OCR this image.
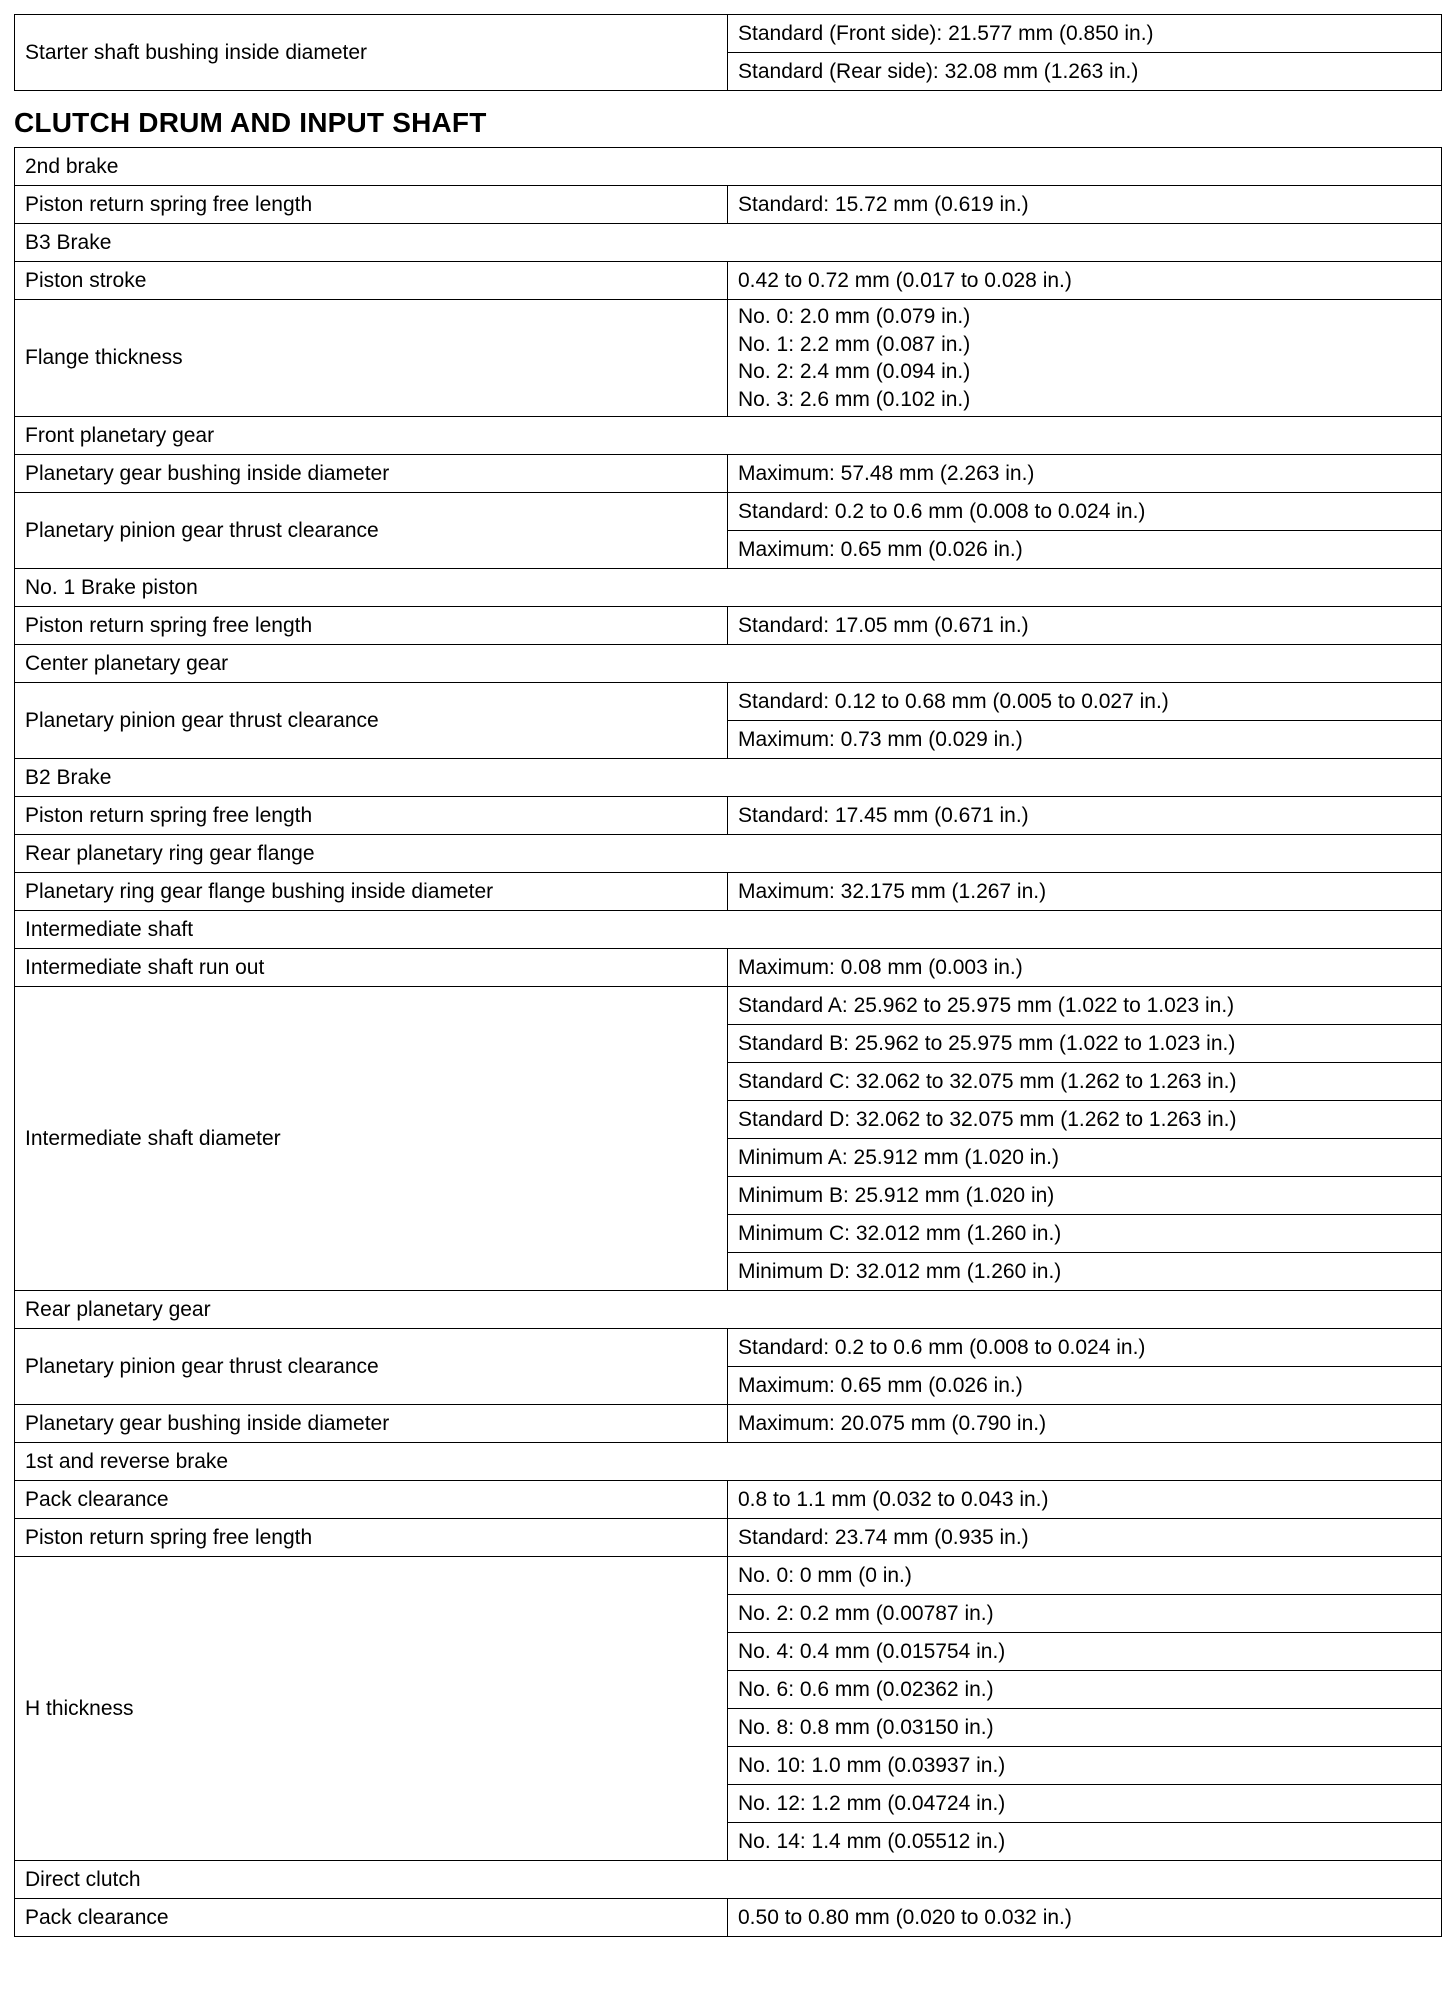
Starter shaft bushing inside diameter	Standard (Front side): 21.577 mm (0.850 in.)
Standard (Rear side): 32.08 mm (1.263 in.)
CLUTCH DRUM AND INPUT SHAFT
2nd brake	
Piston return spring free length	Standard: 15.72 mm (0.619 in.)
B3 Brake	
Piston stroke	0.42 to 0.72 mm (0.017 to 0.028 in.)
Flange thickness	No. 0: 2.0 mm (0.079 in.)
No. 1: 2.2 mm (0.087 in.)
No. 2: 2.4 mm (0.094 in.)
No. 3: 2.6 mm (0.102 in.)

Front planetary gear	
Planetary gear bushing inside diameter	Maximum: 57.48 mm (2.263 in.)
Planetary pinion gear thrust clearance	Standard: 0.2 to 0.6 mm (0.008 to 0.024 in.)
	Maximum: 0.65 mm (0.026 in.)
No. 1 Brake piston	
Piston return spring free length	Standard: 17.05 mm (0.671 in.)
Center planetary gear	
Planetary pinion gear thrust clearance	Standard: 0.12 to 0.68 mm (0.005 to 0.027 in.)
	Maximum: 0.73 mm (0.029 in.)
B2 Brake	
Piston return spring free length	Standard: 17.45 mm (0.671 in.)
Rear planetary ring gear flange	
Planetary ring gear flange bushing inside diameter	Maximum: 32.175 mm (1.267 in.)
Intermediate shaft	
Intermediate shaft run out	Maximum: 0.08 mm (0.003 in.)
Intermediate shaft diameter	Standard A: 25.962 to 25.975 mm (1.022 to 1.023 in.)
	Standard B: 25.962 to 25.975 mm (1.022 to 1.023 in.)
	Standard C: 32.062 to 32.075 mm (1.262 to 1.263 in.)
	Standard D: 32.062 to 32.075 mm (1.262 to 1.263 in.)
	Minimum A: 25.912 mm (1.020 in.)
	Minimum B: 25.912 mm (1.020 in)
	Minimum C: 32.012 mm (1.260 in.)
	Minimum D: 32.012 mm (1.260 in.)
Rear planetary gear	
Planetary pinion gear thrust clearance	Standard: 0.2 to 0.6 mm (0.008 to 0.024 in.)
	Maximum: 0.65 mm (0.026 in.)
Planetary gear bushing inside diameter	Maximum: 20.075 mm (0.790 in.)
1st and reverse brake	
Pack clearance	0.8 to 1.1 mm (0.032 to 0.043 in.)
Piston return spring free length	Standard: 23.74 mm (0.935 in.)
H thickness	No. 0: 0 mm (0 in.)
	No. 2: 0.2 mm (0.00787 in.)
	No. 4: 0.4 mm (0.015754 in.)
	No. 6: 0.6 mm (0.02362 in.)
	No. 8: 0.8 mm (0.03150 in.)
	No. 10: 1.0 mm (0.03937 in.)
	No. 12: 1.2 mm (0.04724 in.)
	No. 14: 1.4 mm (0.05512 in.)
Direct clutch	
Pack clearance	0.50 to 0.80 mm (0.020 to 0.032 in.)
